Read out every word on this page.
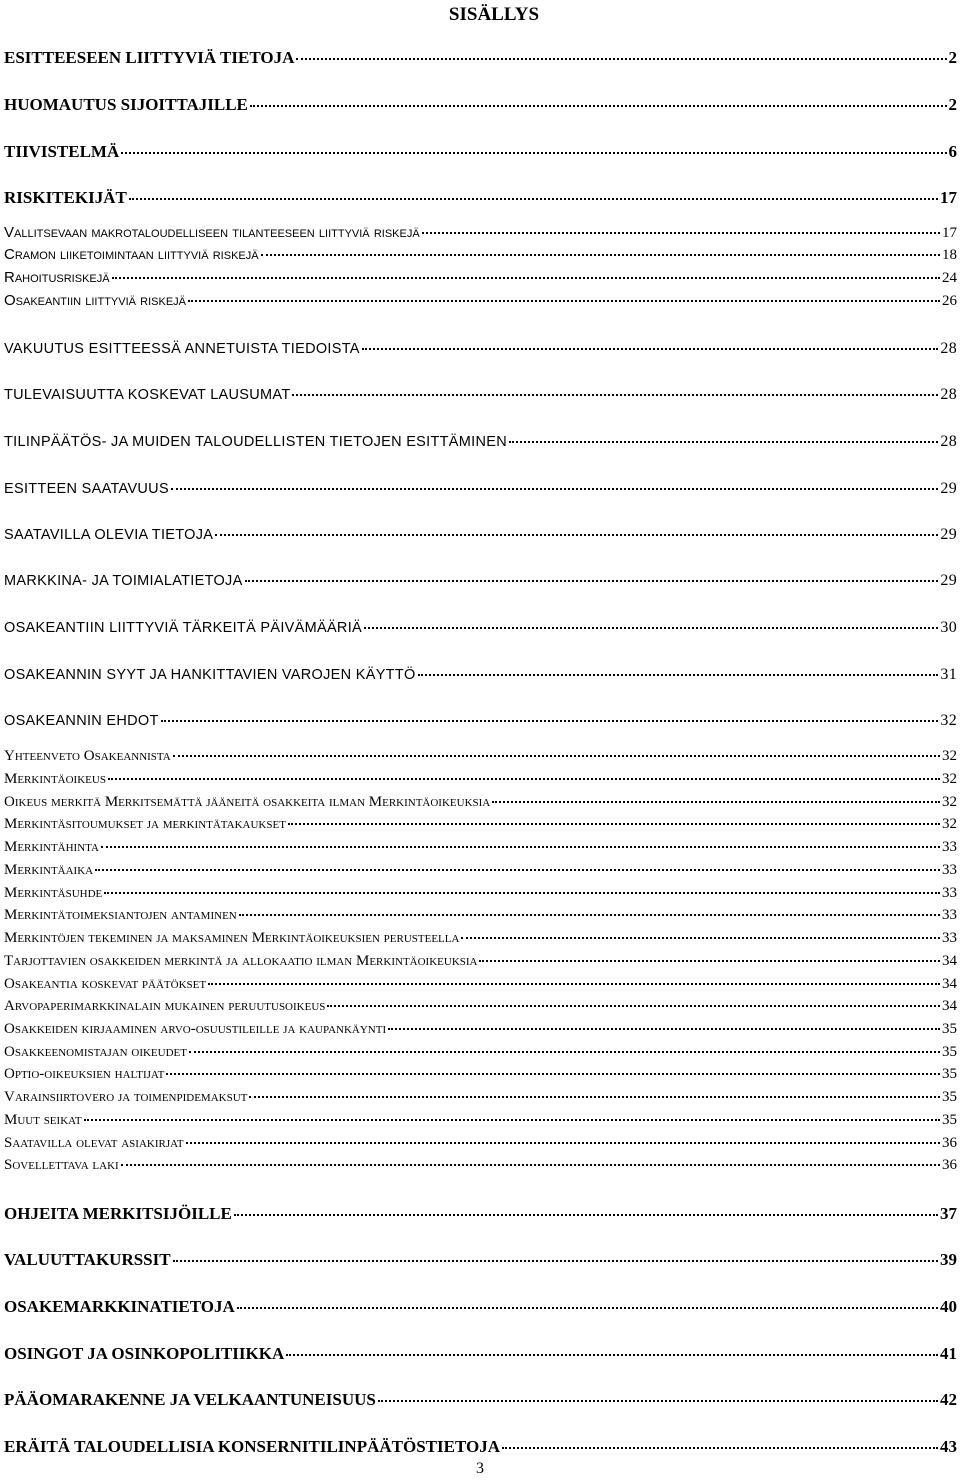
SISÄLLYS
ESITTEESEEN LIITTYVIÄ TIETOJA	2
HUOMAUTUS SIJOITTAJILLE	2
TIIVISTELMÄ	6
RISKITEKIJÄT	17
Vallitsevaan makrotaloudelliseen tilanteeseen liittyviä riskejä	17
Cramon liiketoimintaan liittyviä riskejä	18
Rahoitusriskejä	24
Osakeantiin liittyviä riskejä	26
VAKUUTUS ESITTEESSÄ ANNETUISTA TIEDOISTA	28
TULEVAISUUTTA KOSKEVAT LAUSUMAT	28
TILINPÄÄTÖS- JA MUIDEN TALOUDELLISTEN TIETOJEN ESITTÄMINEN	28
ESITTEEN SAATAVUUS	29
SAATAVILLA OLEVIA TIETOJA	29
MARKKINA- JA TOIMIALATIETOJA	29
OSAKEANTIIN LIITTYVIÄ TÄRKEITÄ PÄIVÄMÄÄRIÄ	30
OSAKEANNIN SYYT JA HANKITTAVIEN VAROJEN KÄYTTÖ	31
OSAKEANNIN EHDOT	32
Yhteenveto Osakeannista	32
Merkintäoikeus	32
Oikeus merkitä Merkitsemättä jääneitä osakkeita ilman Merkintäoikeuksia	32
Merkintäsitoumukset ja merkintätakaukset	32
Merkintähinta	33
Merkintäaika	33
Merkintäsuhde	33
Merkintätoimeksiantojen antaminen	33
Merkintöjen tekeminen ja maksaminen Merkintäoikeuksien perusteella	33
Tarjottavien osakkeiden merkintä ja allokaatio ilman Merkintäoikeuksia	34
Osakeantia koskevat päätökset	34
Arvopaperimarkkinalain mukainen peruutusoikeus	34
Osakkeiden kirjaaminen arvo-osuustileille ja kaupankäynti	35
Osakkeenomistajan oikeudet	35
Optio-oikeuksien haltijat	35
Varainsiirtovero ja toimenpidemaksut	35
Muut seikat	35
Saatavilla olevat asiakirjat	36
Sovellettava laki	36
OHJEITA MERKITSIJÖILLE	37
VALUUTTAKURSSIT	39
OSAKEMARKKINATIETOJA	40
OSINGOT JA OSINKOPOLITIIKKA	41
PÄÄOMARAKENNE JA VELKAANTUNEISUUS	42
ERÄITÄ TALOUDELLISIA KONSERNITILINPÄÄTÖSTIETOJA	43
3
